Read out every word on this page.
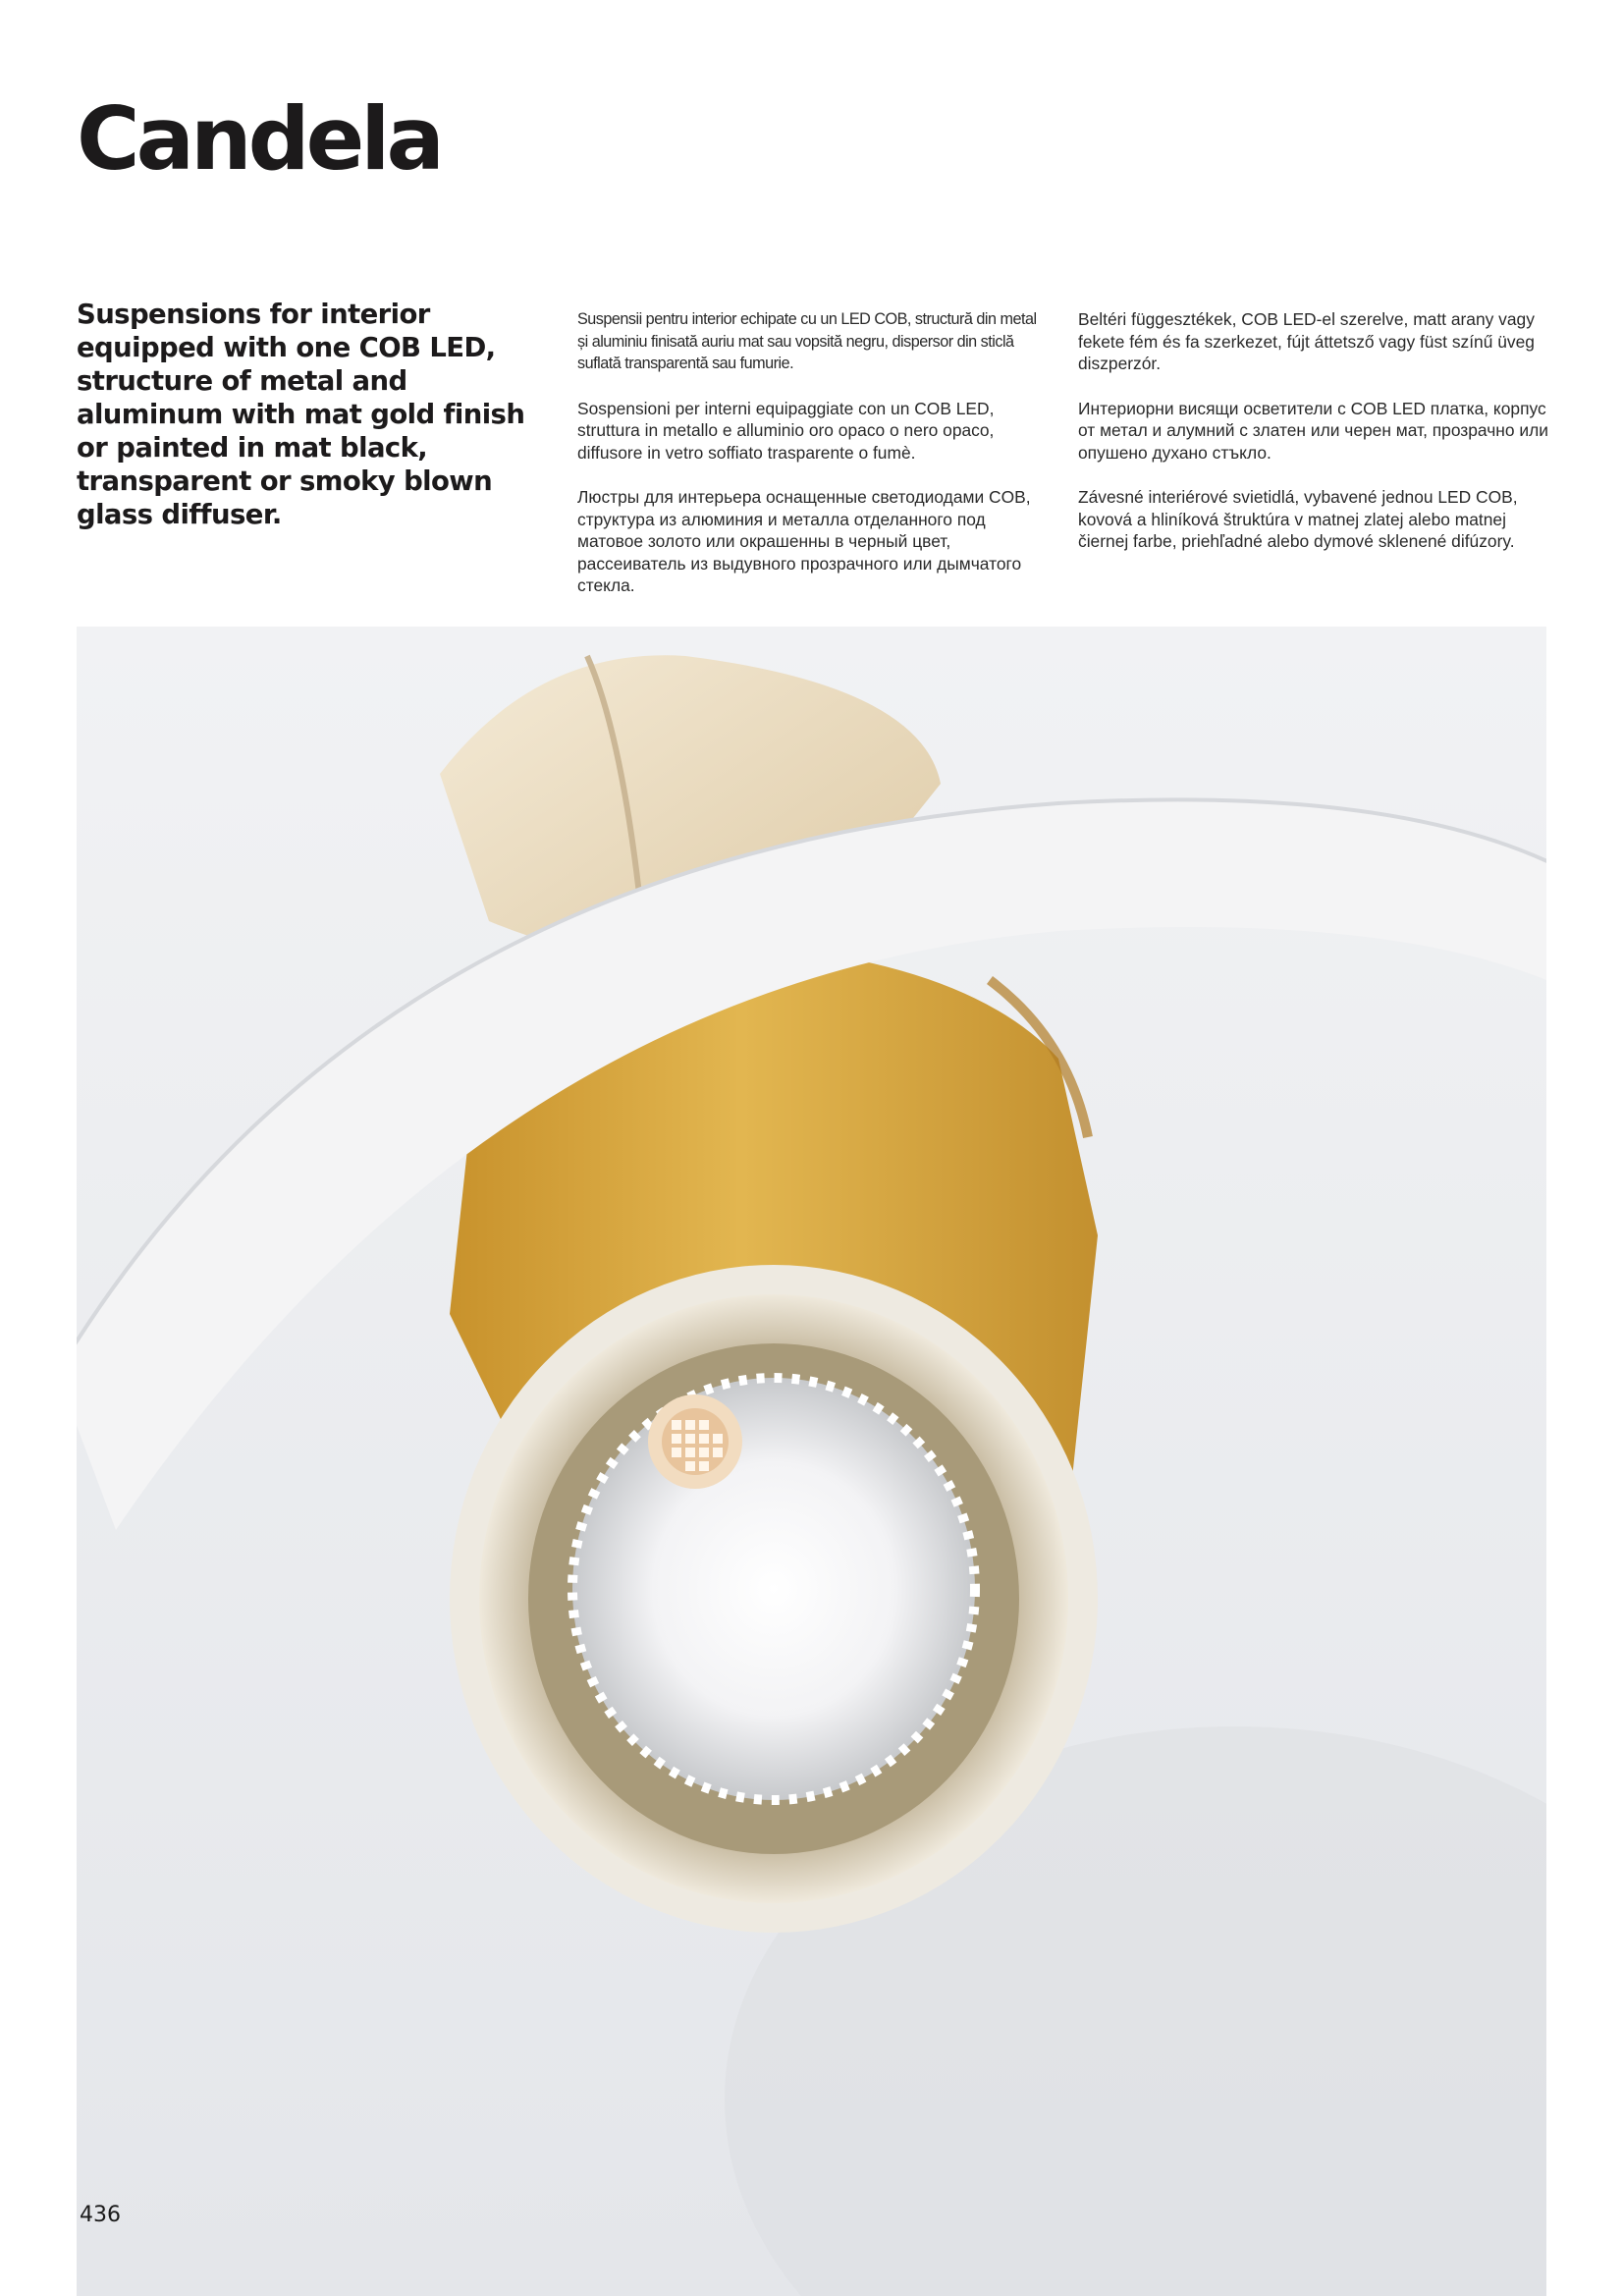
Candela

Suspensions for interior equipped with one COB LED, structure of metal and aluminum with mat gold finish or painted in mat black, transparent or smoky blown glass diffuser.

Suspensii pentru interior echipate cu un LED COB, structură din metal și aluminiu finisată auriu mat sau vopsită negru, dispersor din sticlă suflată transparentă sau fumurie.

Sospensioni per interni equipaggiate con un COB LED, struttura in metallo e alluminio oro opaco o nero opaco, diffusore in vetro soffiato trasparente o fumè.

Люстры для интерьера оснащенные светодиодами COB, структура из алюминия и металла отделанного под матовое золото или окрашенны в черный цвет, рассеиватель из выдувного прозрачного или дымчатого стекла.

Beltéri függesztékek, COB LED-el szerelve, matt arany vagy fekete fém és fa szerkezet, fújt áttetsző vagy füst színű üveg diszperzór.

Интериорни висящи осветители с COB LED платка, корпус от метал и алумний с златен или черен мат, прозрачно или опушено духано стъкло.

Závesné interiérové svietidlá, vybavené jednou LED COB, kovová a hliníková štruktúra v matnej zlatej alebo matnej čiernej farbe, priehľadné alebo dymové sklenené difúzory.

436
